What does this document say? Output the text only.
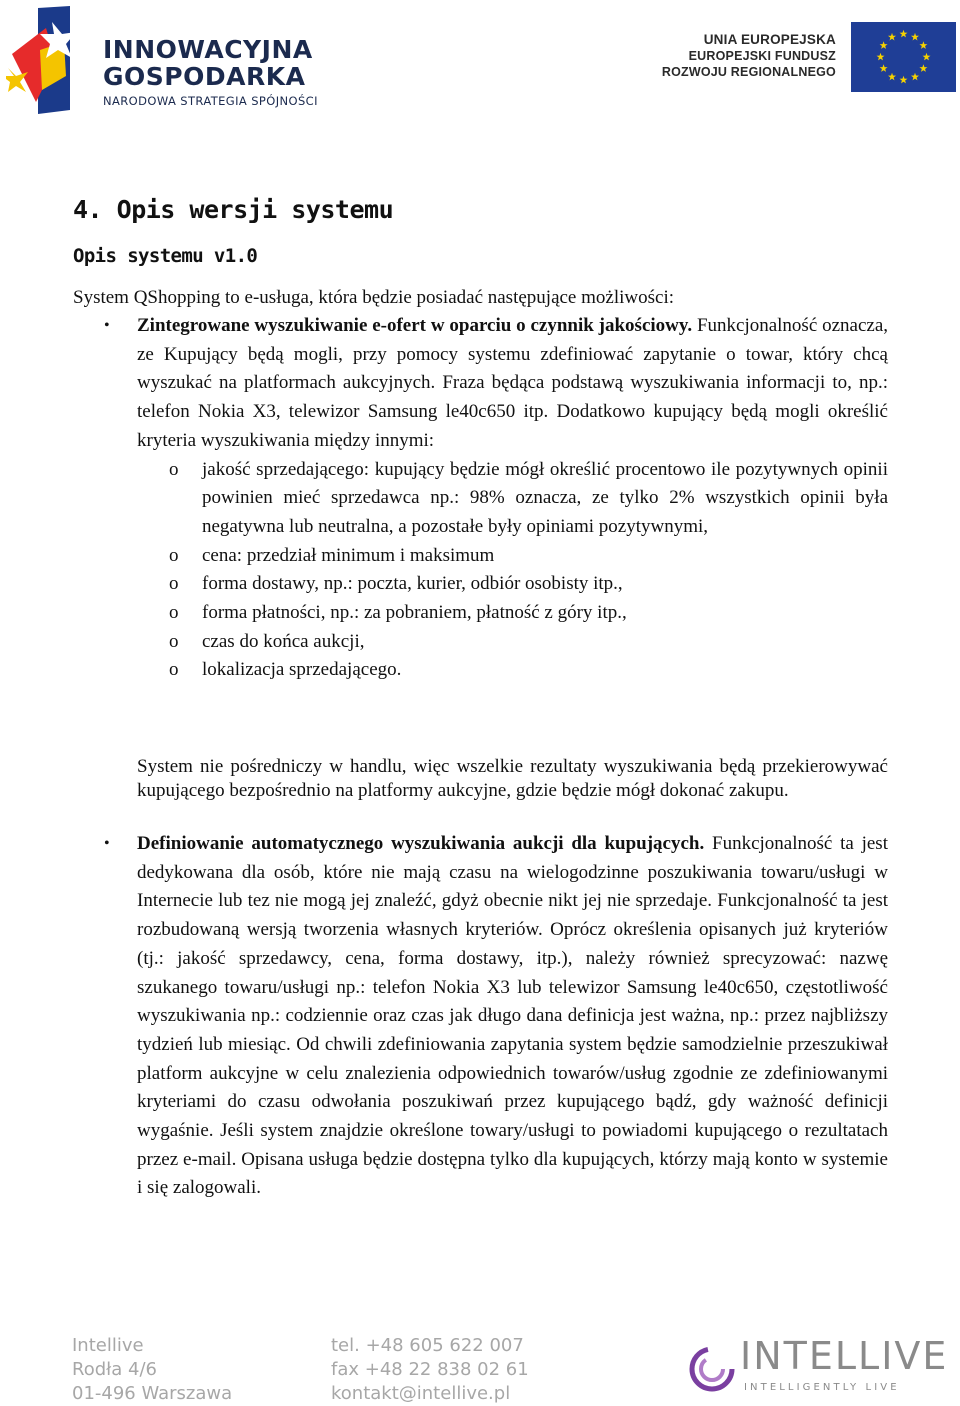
INNOWACYJNA
GOSPODARKA
NARODOWA STRATEGIA SPÓJNOŚCI
UNIA EUROPEJSKA
EUROPEJSKI FUNDUSZ
ROZWOJU REGIONALNEGO
4. Opis wersji systemu
Opis systemu v1.0
System QShopping to e-usługa, która będzie posiadać następujące możliwości:
• Zintegrowane wyszukiwanie e-ofert w oparciu o czynnik jakościowy. Funkcjonalność oznacza, ze Kupujący będą mogli, przy pomocy systemu zdefiniować zapytanie o towar, który chcą wyszukać na platformach aukcyjnych. Fraza będąca podstawą wyszukiwania informacji to, np.: telefon Nokia X3, telewizor Samsung le40c650 itp. Dodatkowo kupujący będą mogli określić kryteria wyszukiwania między innymi:

o jakość sprzedającego: kupujący będzie mógł określić procentowo ile pozytywnych opinii powinien mieć sprzedawca np.: 98% oznacza, ze tylko 2% wszystkich opinii była negatywna lub neutralna, a pozostałe były opiniami pozytywnymi,
o cena: przedział minimum i maksimum
o forma dostawy, np.: poczta, kurier, odbiór osobisty itp.,
o forma płatności, np.: za pobraniem, płatność z góry itp.,
o czas do końca aukcji,
o lokalizacja sprzedającego.
System nie pośredniczy w handlu, więc wszelkie rezultaty wyszukiwania będą przekierowywać kupującego bezpośrednio na platformy aukcyjne, gdzie będzie mógł dokonać zakupu.
• Definiowanie automatycznego wyszukiwania aukcji dla kupujących. Funkcjonalność ta jest dedykowana dla osób, które nie mają czasu na wielogodzinne poszukiwania towaru/usługi w Internecie lub tez nie mogą jej znaleźć, gdyż obecnie nikt jej nie sprzedaje. Funkcjonalność ta jest rozbudowaną wersją tworzenia własnych kryteriów. Oprócz określenia opisanych już kryteriów (tj.: jakość sprzedawcy, cena, forma dostawy, itp.), należy również sprecyzować: nazwę szukanego towaru/usługi np.: telefon Nokia X3 lub telewizor Samsung le40c650, częstotliwość wyszukiwania np.: codziennie oraz czas jak długo dana definicja jest ważna, np.: przez najbliższy tydzień lub miesiąc. Od chwili zdefiniowania zapytania system będzie samodzielnie przeszukiwał platform aukcyjne w celu znalezienia odpowiednich towarów/usług zgodnie ze zdefiniowanymi kryteriami do czasu odwołania poszukiwań przez kupującego bądź, gdy ważność definicji wygaśnie. Jeśli system znajdzie określone towary/usługi to powiadomi kupującego o rezultatach przez e-mail. Opisana usługa będzie dostępna tylko dla kupujących, którzy mają konto w systemie i się zalogowali.

Intellive
Rodła 4/6
01-496 Warszawa
tel. +48 605 622 007
fax +48 22 838 02 61
kontakt@intellive.pl
INTELLIVE
INTELLIGENTLY LIVE
